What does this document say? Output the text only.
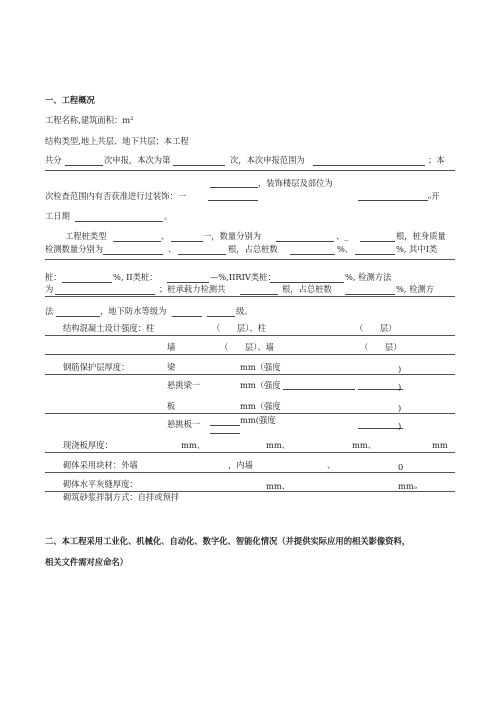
一、工程概况
工程名称,建筑面积：m²
结构类型,地上共层、地下共层；本工程
共分	次申报，本次为第	次，本次申报范围为	；本
，装饰楼层及部位为
次检查范围内有否获准进行过装饰：一	ₒ开
工日期	。
工程桩类型	、	一，数量分别为	、_	根，桩身质量
检测数量分别为	、	根，占总桩数	%、	%, 其中I类
桩：	%, II类桩：	—%,IIRIV类桩：	%, 检测方法
为	；桩承载力检测共	根，占总桩数	%, 检测方
法	，地下防水等级为	级。
结构混凝土设计强度：柱	（　　层）、柱	（　　层）
墙	（　　层）、墙	（　　层）
钢筋保护层厚度：	梁	mm（强度	)
悬挑梁一	mm（强度	)
板	mm（强度	)
悬挑板一	mm(强度
)
现浇板厚度：	mm、	mm、	mm、	mm
砌体采用块材：外墙	，内墙	、	0
砌体水平灰缝厚度：	mm、	mmₒ
砌筑砂浆拌制方式：自拌或预拌
二、本工程采用工业化、机械化、自动化、数字化、智能化情况（并提供实际应用的相关影像资料，
相关文件需对应命名）
